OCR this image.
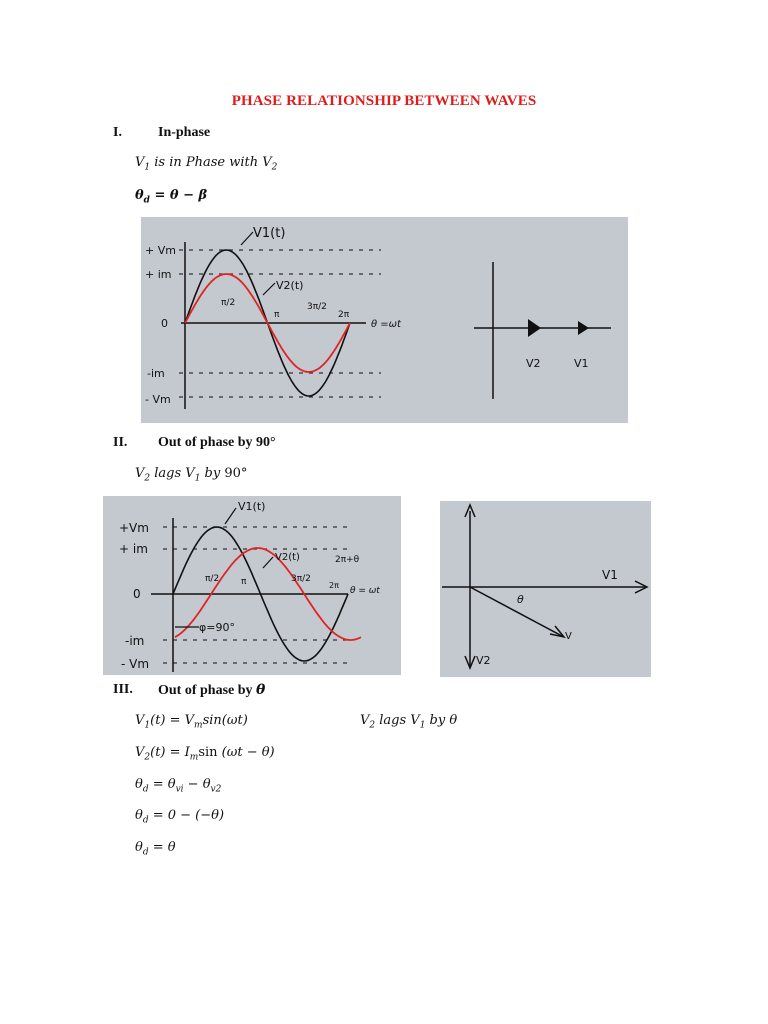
PHASE RELATIONSHIP BETWEEN WAVES
I.	In-phase
$V_1$ is in Phase with $V_2$
$\theta_d = \theta - \beta$
+ Vm
+ im
0
-im
- Vm
π/2
π
3π/2
2π
θ =ωt
V1(t)
V2(t)
V2	V1
II. Out of phase by 90°
$V_2$ lags $V_1$ by 90°
+Vm
+ im
0
-im
- Vm
π/2 π	3π/2
2π
2π+θ
θ = ωt
V1(t)
V2(t)
φ=90°
V1
θ
V
V2
III. Out of phase by θ
$V_1(t) = V_m\sin(\omega t)$	$V_2$ lags $V_1$ by θ
$V_2(t) = I_m\sin$ (ωt − θ)
$\theta_d = \theta_{vi} - \theta_{v2}$
$\theta_d = 0 - (-\theta)$
$\theta_d = \theta$
